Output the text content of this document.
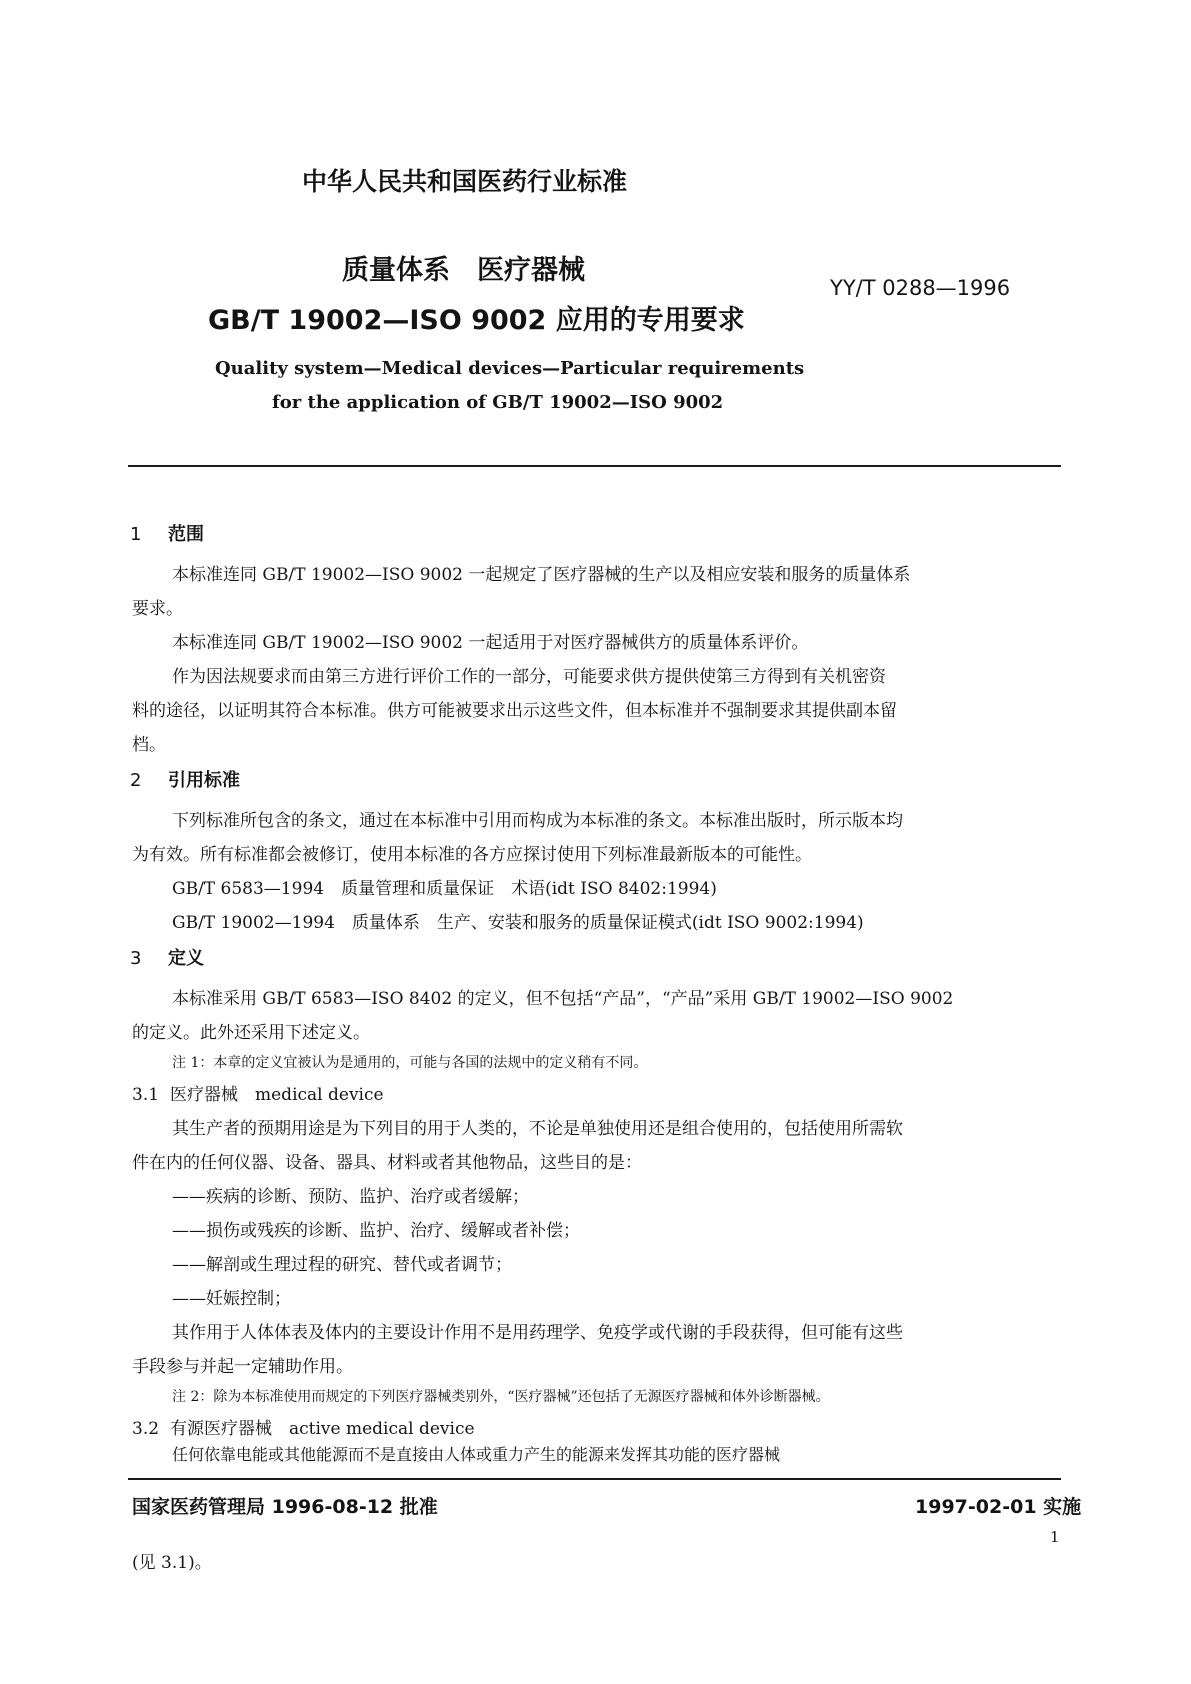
中华人民共和国医药行业标准
质量体系　医疗器械
GB/T 19002—ISO 9002 应用的专用要求
YY/T 0288—1996
Quality system—Medical devices—Particular requirements
for the application of GB/T 19002—ISO 9002
1 范围
本标准连同 GB/T 19002—ISO 9002 一起规定了医疗器械的生产以及相应安装和服务的质量体系
要求。
本标准连同 GB/T 19002—ISO 9002 一起适用于对医疗器械供方的质量体系评价。
作为因法规要求而由第三方进行评价工作的一部分，可能要求供方提供使第三方得到有关机密资
料的途径，以证明其符合本标准。供方可能被要求出示这些文件，但本标准并不强制要求其提供副本留
档。
2 引用标准
下列标准所包含的条文，通过在本标准中引用而构成为本标准的条文。本标准出版时，所示版本均
为有效。所有标准都会被修订，使用本标准的各方应探讨使用下列标准最新版本的可能性。
GB/T 6583—1994　质量管理和质量保证　术语(idt ISO 8402:1994)
GB/T 19002—1994　质量体系　生产、安装和服务的质量保证模式(idt ISO 9002:1994)
3 定义
本标准采用 GB/T 6583—ISO 8402 的定义，但不包括“产品”，“产品”采用 GB/T 19002—ISO 9002
的定义。此外还采用下述定义。
注 1：本章的定义宜被认为是通用的，可能与各国的法规中的定义稍有不同。
3.1 医疗器械　medical device
其生产者的预期用途是为下列目的用于人类的，不论是单独使用还是组合使用的，包括使用所需软
件在内的任何仪器、设备、器具、材料或者其他物品，这些目的是：
——疾病的诊断、预防、监护、治疗或者缓解；
——损伤或残疾的诊断、监护、治疗、缓解或者补偿；
——解剖或生理过程的研究、替代或者调节；
——妊娠控制；
其作用于人体体表及体内的主要设计作用不是用药理学、免疫学或代谢的手段获得，但可能有这些
手段参与并起一定辅助作用。
注 2：除为本标准使用而规定的下列医疗器械类别外，“医疗器械”还包括了无源医疗器械和体外诊断器械。
3.2 有源医疗器械　active medical device
任何依靠电能或其他能源而不是直接由人体或重力产生的能源来发挥其功能的医疗器械
国家医药管理局 1996-08-12 批准	1997-02-01 实施
1
(见 3.1)。
